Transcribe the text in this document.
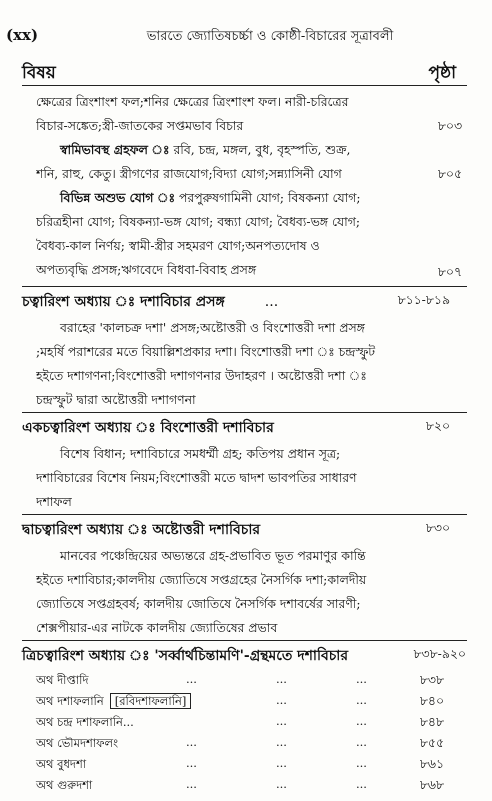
(xx)	ভারতে জ্যোতিষচর্চ্চা ও কোষ্ঠী-বিচারের সূত্রাবলী
বিষয়	পৃষ্ঠা
ক্ষেত্রের ত্রিংশাংশ ফল;শনির ক্ষেত্রের ত্রিংশাংশ ফল। নারী-চরিত্রের
বিচার-সঙ্কেত;স্ত্রী-জাতকের সপ্তমভাব বিচার	৮০৩
স্বামিভাবস্থ গ্রহফল ঃ রবি, চন্দ্র, মঙ্গল, বুধ, বৃহস্পতি, শুক্র,
শনি, রাহু, কেতু। স্ত্রীগণের রাজযোগ;বিদ্যা যোগ;সন্ন্যাসিনী যোগ	৮০৫
বিভিন্ন অশুভ যোগ ঃ পরপুরুষগামিনী যোগ; বিষকন্যা যোগ;
চরিত্রহীনা যোগ; বিষকন্যা-ভঙ্গ যোগ; বন্ধ্যা যোগ; বৈধব্য-ভঙ্গ যোগ;
বৈধব্য-কাল নির্ণয়; স্বামী-স্ত্রীর সহমরণ যোগ;অনপত্যদোষ ও
অপত্যবৃদ্ধি প্রসঙ্গ;ঋগবেদে বিধবা-বিবাহ প্রসঙ্গ	৮০৭
চত্বারিংশ অধ্যায় ঃ দশাবিচার প্রসঙ্গ	...	৮১১-৮১৯
বরাহের 'কালচক্র দশা' প্রসঙ্গ;অষ্টোত্তরী ও বিংশোত্তরী দশা প্রসঙ্গ
;মহর্ষি পরাশরের মতে বিয়াল্লিশপ্রকার দশা। বিংশোত্তরী দশা ঃ চন্দ্রস্ফুট
হইতে দশাগণনা;বিংশোত্তরী দশাগণনার উদাহরণ । অষ্টোত্তরী দশা ঃ
চন্দ্রস্ফুট দ্বারা অষ্টোত্তরী দশাগণনা
একচত্বারিংশ অধ্যায় ঃ বিংশোত্তরী দশাবিচার	৮২০
বিশেষ বিধান; দশাবিচারে সমধর্ম্মী গ্রহ; কতিপয় প্রধান সূত্র;
দশাবিচারের বিশেষ নিয়ম;বিংশোত্তরী মতে দ্বাদশ ভাবপতির সাধারণ
দশাফল
দ্বাচত্বারিংশ অধ্যায় ঃ অষ্টোত্তরী দশাবিচার	৮৩০
মানবের পঞ্চেন্দ্রিয়ের অভ্যন্তরে গ্রহ-প্রভাবিত ভূত পরমাণুর কান্তি
হইতে দশাবিচার;কালদীয় জ্যোতিষে সপ্তগ্রহের নৈসর্গিক দশা;কালদীয়
জ্যোতিষে সপ্তগ্রহবর্ষ; কালদীয় জোতিষে নৈসর্গিক দশাবর্ষের সারণী;
শেক্সপীয়ার-এর নাটকে কালদীয় জ্যোতিষের প্রভাব
ত্রিচত্বারিংশ অধ্যায় ঃ 'সর্ব্বার্থচিন্তামণি'-গ্রন্থমতে দশাবিচার	৮৩৮-৯২০
অথ দীপ্তাদি	...	...	...	৮৩৮
অথ দশাফলানি [রবিদশাফলানি]	...	...	৮৪০
অথ চন্দ্র দশাফলানি...	...	...	৮৪৮
অথ ভৌমদশাফলং	...	...	...	৮৫৫
অথ বুধদশা	...	...	...	৮৬১
অথ গুরুদশা	...	...	...	৮৬৮
